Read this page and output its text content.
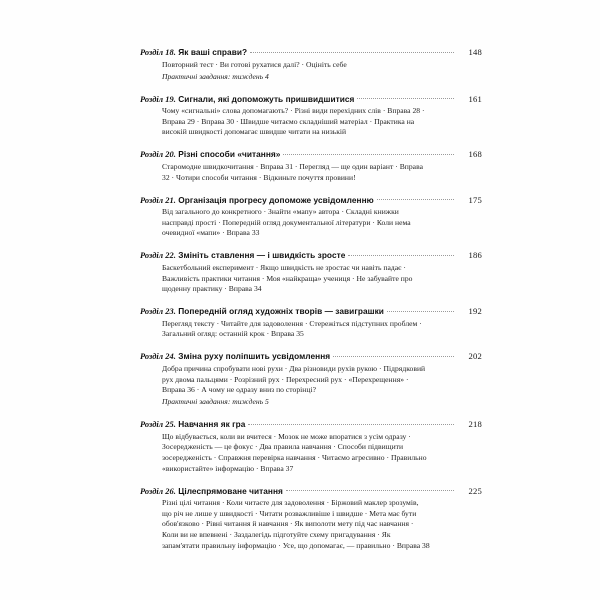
Розділ 18. Як ваші справи?	148
Повторний тест · Ви готові рухатися далі? · Оцініть себе
Практичні завдання: тиждень 4
Розділ 19. Сигнали, які допоможуть пришвидшитися	161
Чому «сигнальні» слова допомагають? · Різні види перехідних слів · Вправа 28 · Вправа 29 · Вправа 30 · Швидше читаємо складніший матеріал · Практика на високій швидкості допомагає швидше читати на низькій
Розділ 20. Різні способи «читання»	168
Старомодне швидкочитання · Вправа 31 · Перегляд — ще один варіант · Вправа 32 · Чотири способи читання · Відкиньте почуття провини!
Розділ 21. Організація прогресу допоможе усвідомленню	175
Від загального до конкретного · Знайти «мапу» автора · Складні книжки насправді прості · Попередній огляд документальної літератури · Коли нема очевидної «мапи» · Вправа 33
Розділ 22. Змініть ставлення — і швидкість зросте	186
Баскетбольний експеримент · Якщо швидкість не зростає чи навіть падає · Важливість практики читання · Моя «найкраща» учениця · Не забувайте про щоденну практику · Вправа 34
Розділ 23. Попередній огляд художніх творів — завиграшки	192
Перегляд тексту · Читайте для задоволення · Стережіться підступних проблем · Загальний огляд: останній крок · Вправа 35
Розділ 24. Зміна руху поліпшить усвідомлення	202
Добра причина спробувати нові рухи · Два різновиди рухів рукою · Підрядковий рух двома пальцями · Розрізний рух · Перехресний рух · «Перехрещення» · Вправа 36 · А чому не одразу вниз по сторінці?
Практичні завдання: тиждень 5
Розділ 25. Навчання як гра	218
Що відбувається, коли ви вчитеся · Мозок не може впоратися з усім одразу · Зосередженість — це фокус · Два правила навчання · Способи підвищити зосередженість · Справжня перевірка навчання · Читаємо агресивно · Правильно «використайте» інформацію · Вправа 37
Розділ 26. Цілеспрямоване читання	225
Різні цілі читання · Коли читаєте для задоволення · Біржовий маклер зрозумів, що річ не лише у швидкості · Читати розважливіше і швидше · Мета має бути обов'язково · Рівні читання й навчання · Як виполоти мету під час навчання · Коли ви не впевнені · Заздалегідь підготуйте схему пригадування · Як запам'ятати правильну інформацію · Усе, що допомагає, — правильно · Вправа 38
